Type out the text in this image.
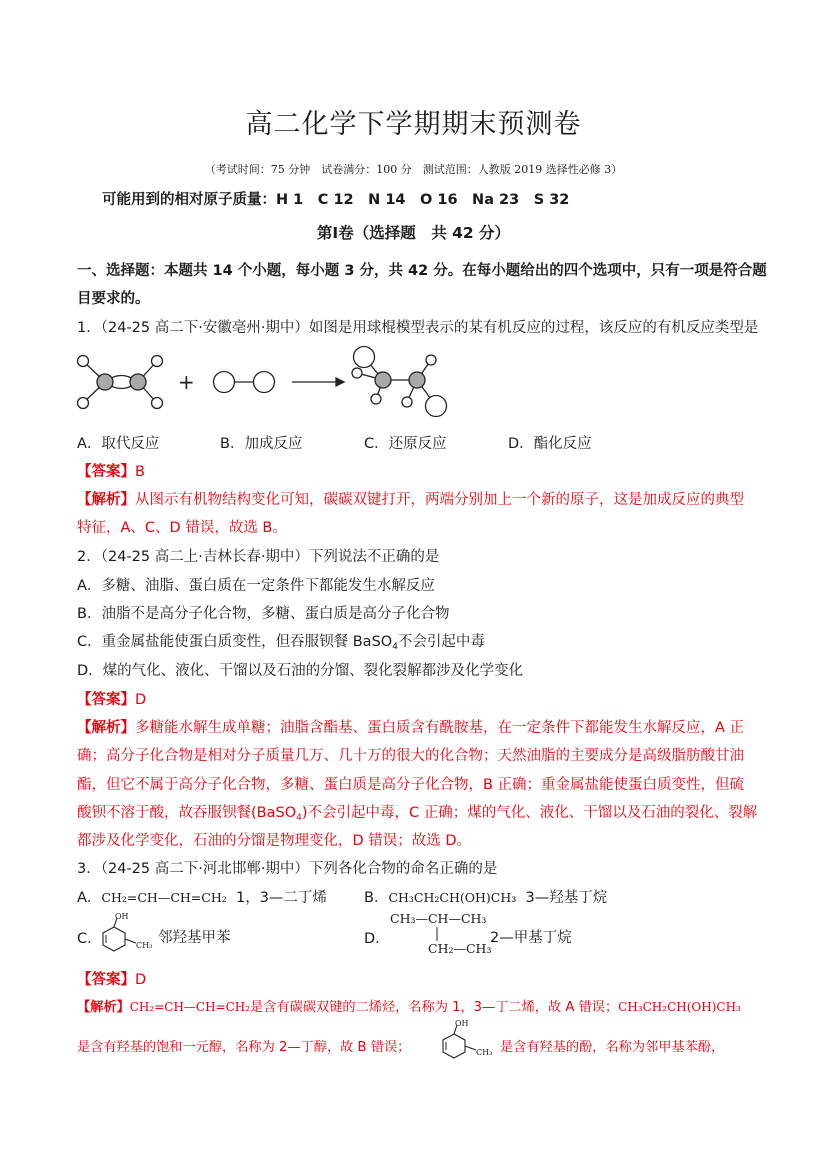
高二化学下学期期末预测卷
（考试时间：75 分钟　试卷满分：100 分　测试范围：人教版 2019 选择性必修 3）
可能用到的相对原子质量：H 1　C 12　N 14　O 16　Na 23　S 32
第Ⅰ卷（选择题　共 42 分）
一、选择题：本题共 14 个小题，每小题 3 分，共 42 分。在每小题给出的四个选项中，只有一项是符合题
目要求的。
1．（24-25 高二下·安徽亳州·期中）如图是用球棍模型表示的某有机反应的过程，该反应的有机反应类型是
+
A．取代反应	B．加成反应	C．还原反应	D．酯化反应
【答案】B
【解析】从图示有机物结构变化可知，碳碳双键打开，两端分别加上一个新的原子，这是加成反应的典型
特征，A、C、D 错误，故选 B。
2．（24-25 高二上·吉林长春·期中）下列说法不正确的是
A．多糖、油脂、蛋白质在一定条件下都能发生水解反应
B．油脂不是高分子化合物，多糖、蛋白质是高分子化合物
C．重金属盐能使蛋白质变性，但吞服钡餐 BaSO$_4$不会引起中毒
D．煤的气化、液化、干馏以及石油的分馏、裂化裂解都涉及化学变化
【答案】D
【解析】多糖能水解生成单糖；油脂含酯基、蛋白质含有酰胺基，在一定条件下都能发生水解反应，A 正
确；高分子化合物是相对分子质量几万、几十万的很大的化合物；天然油脂的主要成分是高级脂肪酸甘油
酯，但它不属于高分子化合物，多糖、蛋白质是高分子化合物，B 正确；重金属盐能使蛋白质变性，但硫
酸钡不溶于酸，故吞服钡餐(BaSO$_4$)不会引起中毒，C 正确；煤的气化、液化、干馏以及石油的裂化、裂解
都涉及化学变化，石油的分馏是物理变化，D 错误；故选 D。
3．（24-25 高二下·河北邯郸·期中）下列各化合物的命名正确的是
A．CH₂=CH—CH=CH₂ 1，3—二丁烯	B．CH₃CH₂CH(OH)CH₃ 3—羟基丁烷
C．
OH
CH₃ 邻羟基甲苯	D．
CH₃—CH—CH₃
CH₂—CH₃
2—甲基丁烷
【答案】D
【解析】CH₂=CH—CH=CH₂是含有碳碳双键的二烯烃，名称为 1，3—丁二烯，故 A 错误；CH₃CH₂CH(OH)CH₃
是含有羟基的饱和一元醇，名称为 2—丁醇，故 B 错误；
OH
CH₃ 是含有羟基的酚，名称为邻甲基苯酚，
